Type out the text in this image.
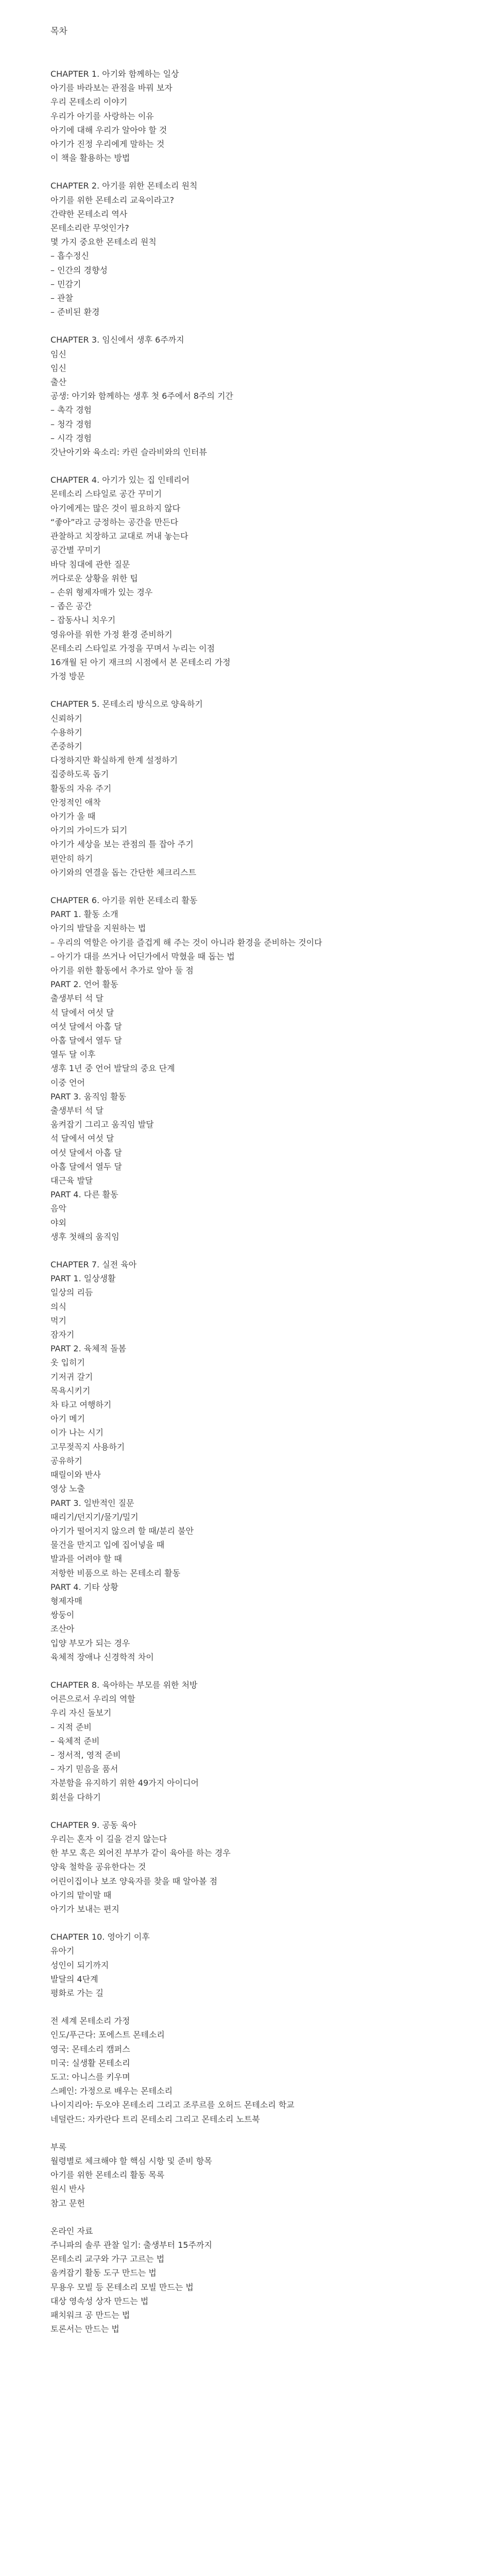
목차
CHAPTER 1. 아기와 함께하는 일상
아기를 바라보는 관점을 바꿔 보자
우리 몬테소리 이야기
우리가 아기를 사랑하는 이유
아기에 대해 우리가 알아야 할 것
아기가 진정 우리에게 말하는 것
이 책을 활용하는 방법
CHAPTER 2. 아기를 위한 몬테소리 원칙
아기를 위한 몬테소리 교육이라고?
간략한 몬테소리 역사
몬테소리란 무엇인가?
몇 가지 중요한 몬테소리 원칙
– 흡수정신
– 인간의 경향성
– 민감기
– 관찰
– 준비된 환경
CHAPTER 3. 임신에서 생후 6주까지
임신
임신
출산
공생: 아기와 함께하는 생후 첫 6주에서 8주의 기간
– 촉각 경험
– 청각 경험
– 시각 경험
갓난아기와 육소리: 카린 슬라비와의 인터뷰
CHAPTER 4. 아기가 있는 집 인테리어
몬테소리 스타일로 공간 꾸미기
아기에게는 많은 것이 필요하지 않다
“좋아”라고 긍정하는 공간을 만든다
관찰하고 치장하고 교대로 꺼내 놓는다
공간별 꾸미기
바닥 침대에 관한 질문
꺼다로운 상황을 위한 팁
– 손위 형제자매가 있는 경우
– 좁은 공간
– 잡동사니 치우기
영유아를 위한 가정 환경 준비하기
몬테소리 스타일로 가정을 꾸며서 누리는 이점
16개월 된 아기 재크의 시점에서 본 몬테소리 가정
가정 방문
CHAPTER 5. 몬테소리 방식으로 양육하기
신뢰하기
수용하기
존중하기
다정하지만 확실하게 한계 설정하기
집중하도록 돕기
활동의 자유 주기
안정적인 애착
아기가 울 때
아기의 가이드가 되기
아기가 세상을 보는 관점의 틀 잡아 주기
편안히 하기
아기와의 연결을 돕는 간단한 체크리스트
CHAPTER 6. 아기를 위한 몬테소리 활동
PART 1. 활동 소개
아기의 발달을 지원하는 법
– 우리의 역할은 아기를 즐겁게 해 주는 것이 아니라 환경을 준비하는 것이다
– 아기가 대를 쓰거나 어딘가에서 막혔을 때 돕는 법
아기를 위한 활동에서 추가로 알아 둘 점
PART 2. 언어 활동
출생부터 석 달
석 달에서 여섯 달
여섯 달에서 아홉 달
아홉 달에서 열두 달
열두 달 이후
생후 1년 중 언어 발달의 중요 단계
이중 언어
PART 3. 움직임 활동
출생부터 석 달
움켜잡기 그리고 움직임 발달
석 달에서 여섯 달
여섯 달에서 아홉 달
아홉 달에서 열두 달
대근육 발달
PART 4. 다른 활동
음악
야외
생후 첫해의 움직임
CHAPTER 7. 실전 육아
PART 1. 일상생활
일상의 리듬
의식
먹기
잠자기
PART 2. 육체적 돌봄
옷 입히기
기저귀 갈기
목욕시키기
차 타고 여행하기
아기 메기
이가 나는 시기
고무젖꼭지 사용하기
공유하기
때릴이와 반사
영상 노출
PART 3. 일반적인 질문
때리기/던지기/물기/밀기
아기가 떨어지지 않으려 할 때/분리 불안
물건을 만지고 입에 집어넣을 때
발과를 어려야 할 때
저항한 비품으로 하는 몬테소리 활동
PART 4. 기타 상황
형제자매
쌍둥이
조산아
입양 부모가 되는 경우
육체적 장애나 신경학적 차이
CHAPTER 8. 육아하는 부모를 위한 처방
어른으로서 우리의 역할
우리 자신 돌보기
– 지적 준비
– 육체적 준비
– 정서적, 영적 준비
– 자기 믿음을 품서
자분함을 유지하기 위한 49가지 아이디어
회선을 다하기
CHAPTER 9. 공동 육아
우리는 혼자 이 길을 걷지 않는다
한 부모 혹은 외어진 부부가 같이 육아를 하는 경우
양육 철학을 공유한다는 것
어린이집이나 보조 양육자를 찾을 때 알아볼 점
아기의 맡이말 때
아기가 보내는 편지
CHAPTER 10. 영아기 이후
유아기
성인이 되기까지
발달의 4단계
평화로 가는 길
전 세계 몬테소리 가정
인도/푸근다: 포에스트 몬테소리
영국: 몬테소리 캠퍼스
미국: 실생활 몬테소리
도고: 아니스를 키우며
스페인: 가정으로 배우는 몬테소리
나이지리아: 두오야 몬테소리 그리고 조루르를 오허드 몬테소리 학교
네덜란드: 자카란다 트리 몬테소리 그리고 몬테소리 노트북
부록
월령별로 체크해야 할 핵심 시항 및 준비 항목
아기를 위한 몬테소리 활동 목록
원시 반사
참고 문헌
온라인 자료
주니파의 솔루 관찰 일기: 출생부터 15주까지
몬테소리 교구와 가구 고르는 법
움켜잡기 활동 도구 만드는 법
무용우 모빌 등 몬테소리 모빌 만드는 법
대상 영속성 상자 만드는 법
패치워크 공 만드는 법
토론서는 만드는 법
